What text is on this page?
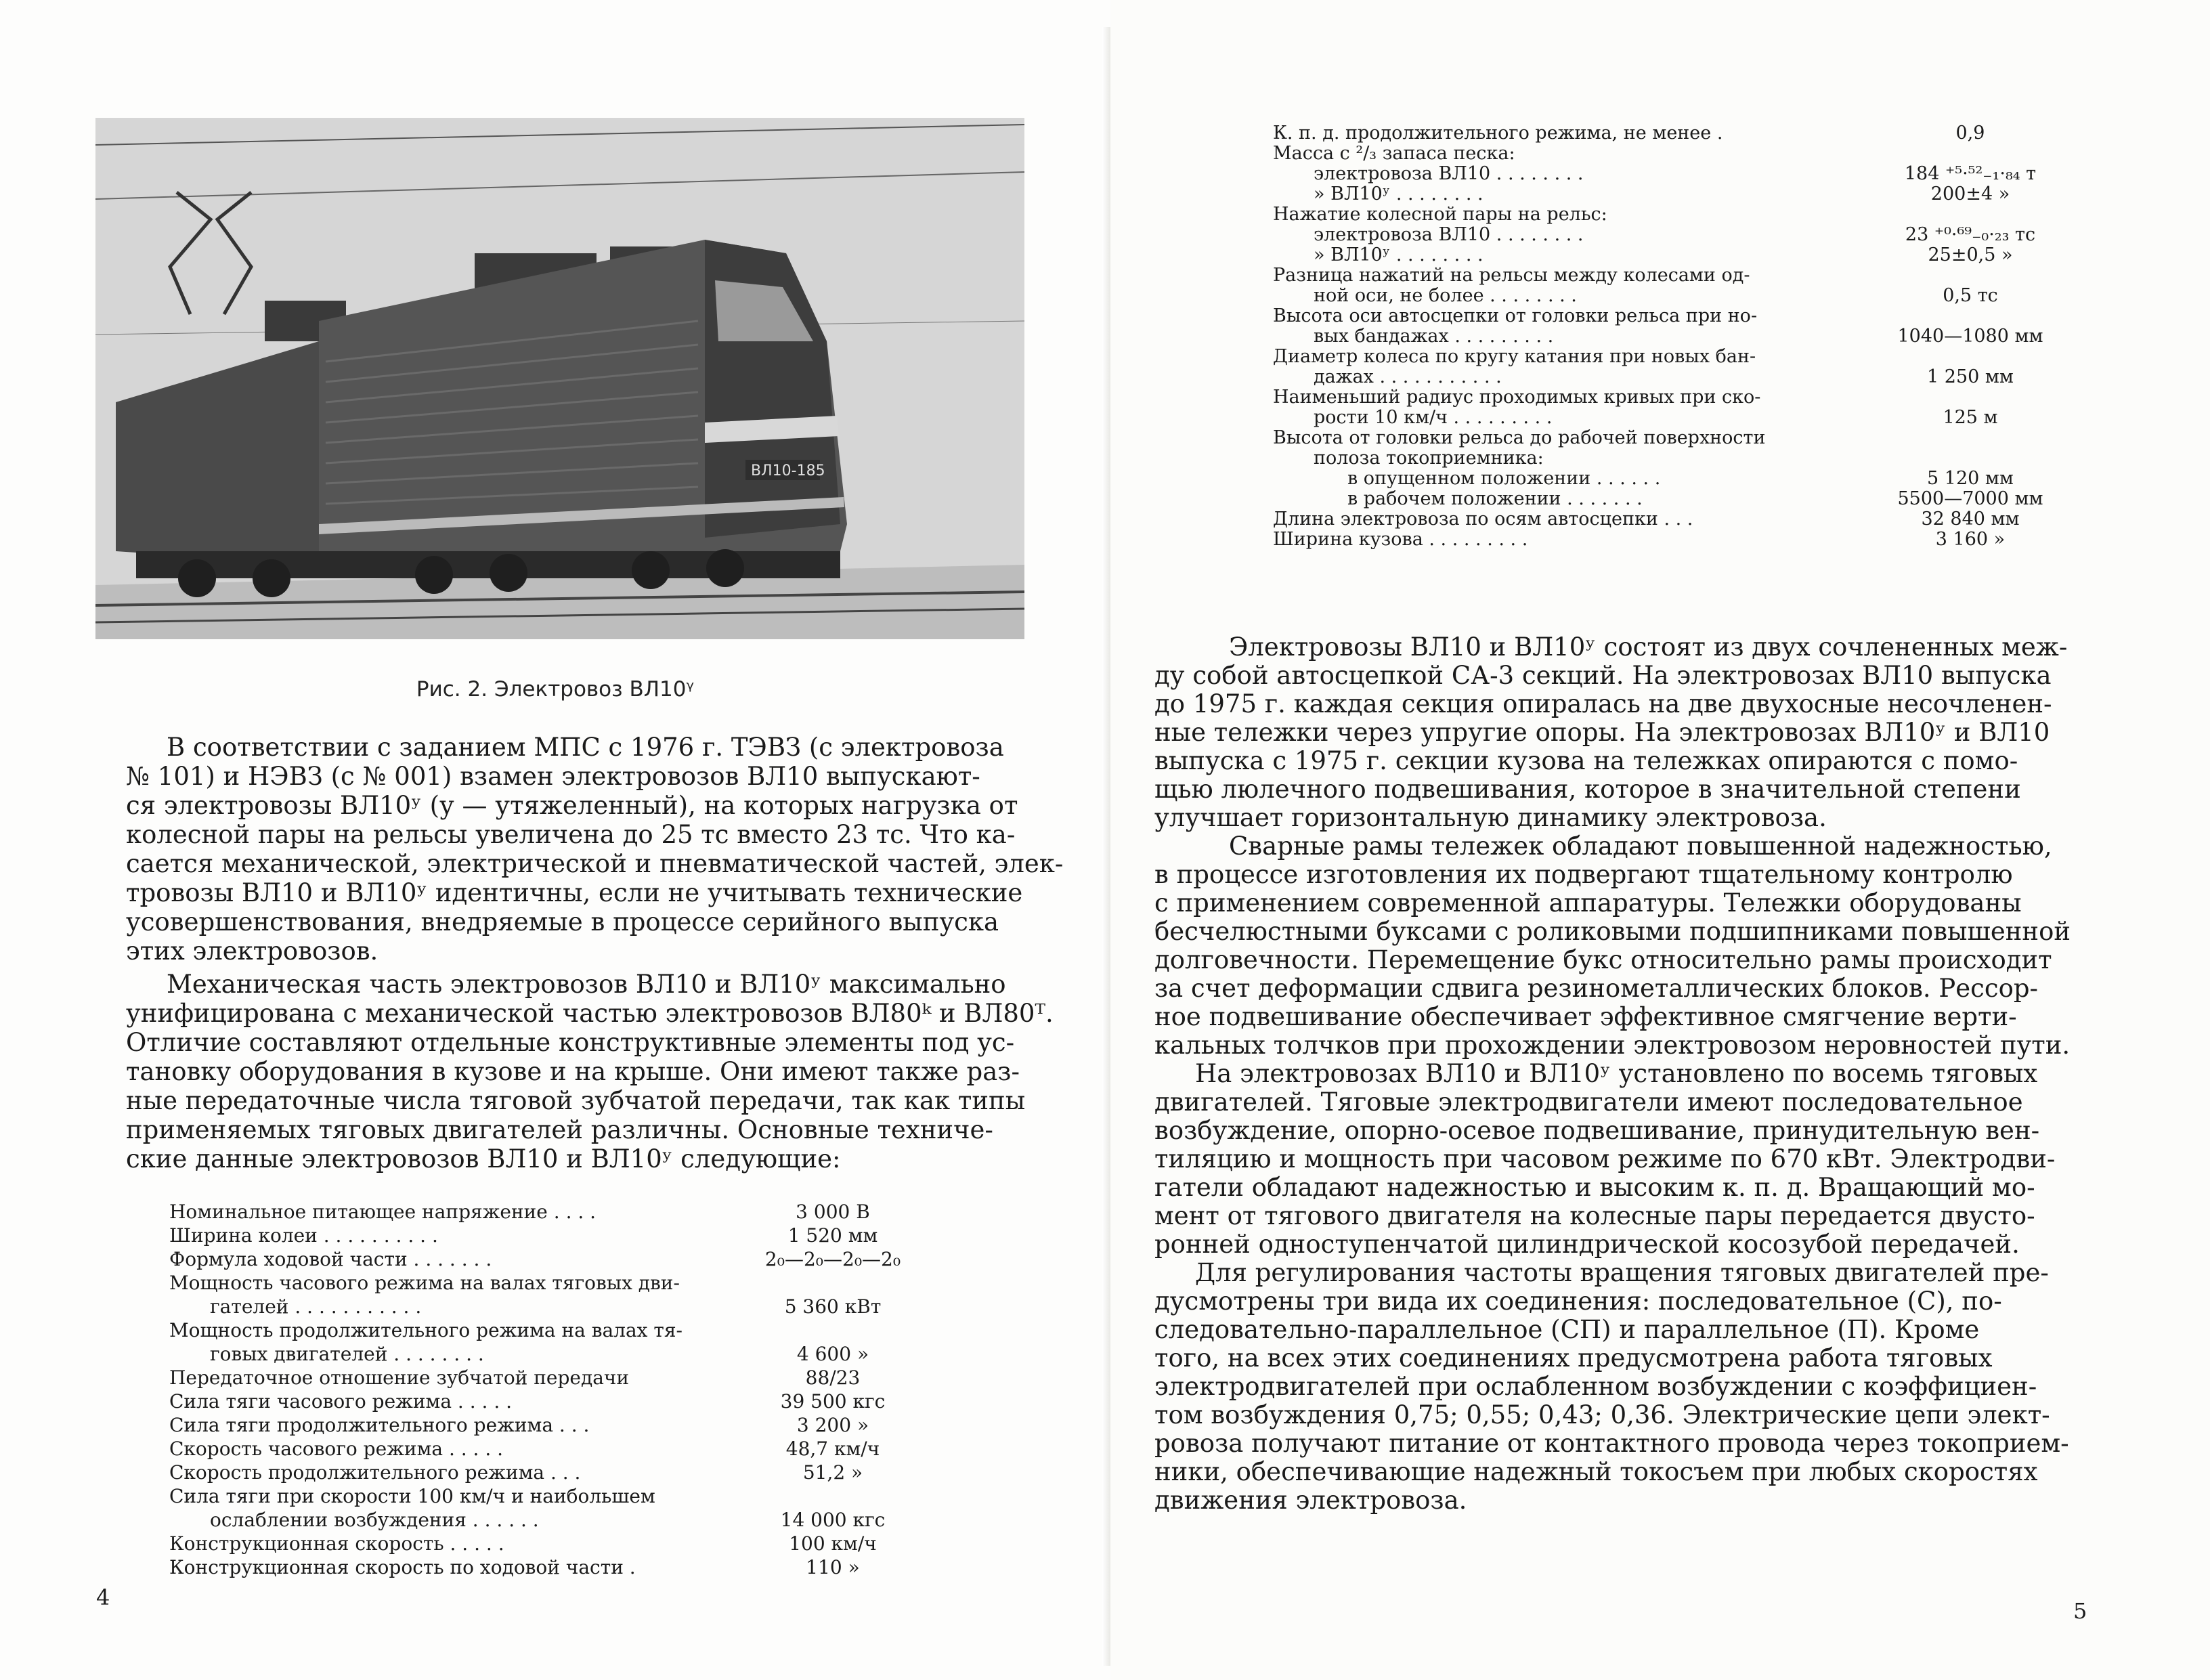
ВЛ10-185
Рис. 2. Электровоз ВЛ10ᵞ
В соответствии с заданием МПС с 1976 г. ТЭВЗ (с электровоза
№ 101) и НЭВЗ (с № 001) взамен электровозов ВЛ10 выпускают-
ся электровозы ВЛ10ʸ (у — утяжеленный), на которых нагрузка от
колесной пары на рельсы увеличена до 25 тс вместо 23 тс. Что ка-
сается механической, электрической и пневматической частей, элек-
тровозы ВЛ10 и ВЛ10ʸ идентичны, если не учитывать технические
усовершенствования, внедряемые в процессе серийного выпуска
этих электровозов.
Механическая часть электровозов ВЛ10 и ВЛ10ʸ максимально
унифицирована с механической частью электровозов ВЛ80ᵏ и ВЛ80ᵀ.
Отличие составляют отдельные конструктивные элементы под ус-
тановку оборудования в кузове и на крыше. Они имеют также раз-
ные передаточные числа тяговой зубчатой передачи, так как типы
применяемых тяговых двигателей различны. Основные техниче-
ские данные электровозов ВЛ10 и ВЛ10ʸ следующие:
Номинальное питающее напряжение . . . .	3 000 В
Ширина колеи . . . . . . . . . .	1 520 мм
Формула ходовой части . . . . . . .	2₀—2₀—2₀—2₀
Мощность часового режима на валах тяговых дви-
гателей . . . . . . . . . . .	5 360 кВт
Мощность продолжительного режима на валах тя-
говых двигателей . . . . . . . .	4 600 »
Передаточное отношение зубчатой передачи	88/23
Сила тяги часового режима . . . . .	39 500 кгс
Сила тяги продолжительного режима . . .	3 200 »
Скорость часового режима . . . . .	48,7 км/ч
Скорость продолжительного режима . . .	51,2 »
Сила тяги при скорости 100 км/ч и наибольшем
ослаблении возбуждения . . . . . .	14 000 кгс
Конструкционная скорость . . . . .	100 км/ч
Конструкционная скорость по ходовой части .	110 »
4
К. п. д. продолжительного режима, не менее .	0,9
Масса с ²/₃ запаса песка:
электровоза ВЛ10 . . . . . . . .	184 ⁺⁵·⁵²₋₁·₈₄ т
» ВЛ10ʸ . . . . . . . .	200±4 »
Нажатие колесной пары на рельс:
электровоза ВЛ10 . . . . . . . .	23 ⁺⁰·⁶⁹₋₀·₂₃ тс
» ВЛ10ʸ . . . . . . . .	25±0,5 »
Разница нажатий на рельсы между колесами од-
ной оси, не более . . . . . . . .	0,5 тс
Высота оси автосцепки от головки рельса при но-
вых бандажах . . . . . . . . .	1040—1080 мм
Диаметр колеса по кругу катания при новых бан-
дажах . . . . . . . . . . .	1 250 мм
Наименьший радиус проходимых кривых при ско-
рости 10 км/ч . . . . . . . . .	125 м
Высота от головки рельса до рабочей поверхности
полоза токоприемника:
в опущенном положении . . . . . .	5 120 мм
в рабочем положении . . . . . . .	5500—7000 мм
Длина электровоза по осям автосцепки . . .	32 840 мм
Ширина кузова . . . . . . . . .	3 160 »
Электровозы ВЛ10 и ВЛ10ʸ состоят из двух сочлененных меж-
ду собой автосцепкой СА-3 секций. На электровозах ВЛ10 выпуска
до 1975 г. каждая секция опиралась на две двухосные несочленен-
ные тележки через упругие опоры. На электровозах ВЛ10ʸ и ВЛ10
выпуска с 1975 г. секции кузова на тележках опираются с помо-
щью люлечного подвешивания, которое в значительной степени
улучшает горизонтальную динамику электровоза.
Сварные рамы тележек обладают повышенной надежностью,
в процессе изготовления их подвергают тщательному контролю
с применением современной аппаратуры. Тележки оборудованы
бесчелюстными буксами с роликовыми подшипниками повышенной
долговечности. Перемещение букс относительно рамы происходит
за счет деформации сдвига резинометаллических блоков. Рессор-
ное подвешивание обеспечивает эффективное смягчение верти-
кальных толчков при прохождении электровозом неровностей пути.
На электровозах ВЛ10 и ВЛ10ʸ установлено по восемь тяговых
двигателей. Тяговые электродвигатели имеют последовательное
возбуждение, опорно-осевое подвешивание, принудительную вен-
тиляцию и мощность при часовом режиме по 670 кВт. Электродви-
гатели обладают надежностью и высоким к. п. д. Вращающий мо-
мент от тягового двигателя на колесные пары передается двусто-
ронней одноступенчатой цилиндрической косозубой передачей.
Для регулирования частоты вращения тяговых двигателей пре-
дусмотрены три вида их соединения: последовательное (С), по-
следовательно-параллельное (СП) и параллельное (П). Кроме
того, на всех этих соединениях предусмотрена работа тяговых
электродвигателей при ослабленном возбуждении с коэффициен-
том возбуждения 0,75; 0,55; 0,43; 0,36. Электрические цепи элект-
ровоза получают питание от контактного провода через токоприем-
ники, обеспечивающие надежный токосъем при любых скоростях
движения электровоза.
5
